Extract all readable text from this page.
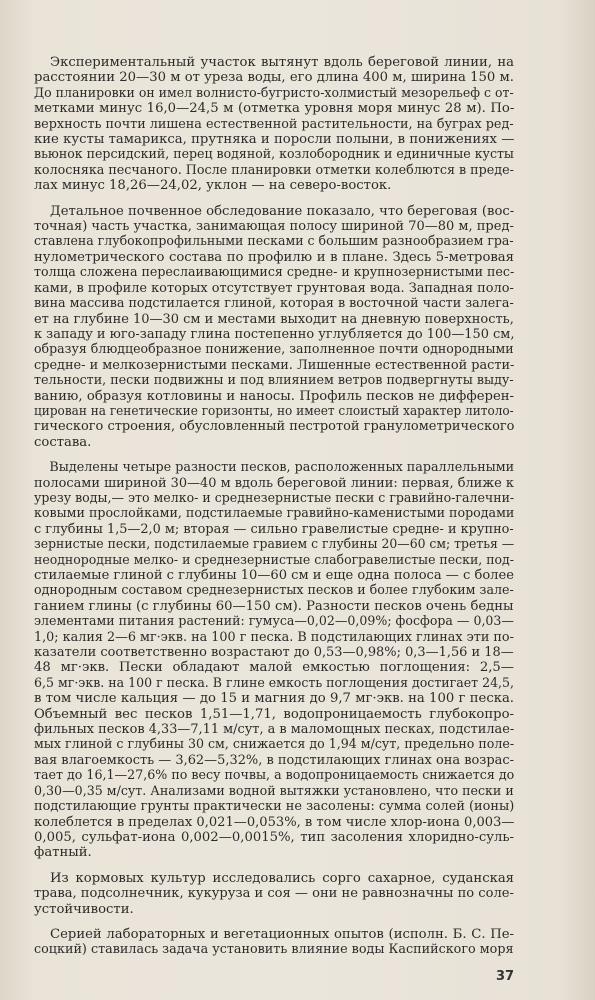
Экспериментальный участок вытянут вдоль береговой линии, на
расстоянии 20—30 м от уреза воды, его длина 400 м, ширина 150 м.
До планировки он имел волнисто-бугристо-холмистый мезорельеф с от-
метками минус 16,0—24,5 м (отметка уровня моря минус 28 м). По-
верхность почти лишена естественной растительности, на буграх ред-
кие кусты тамарикса, прутняка и поросли полыни, в понижениях —
вьюнок персидский, перец водяной, козлобородник и единичные кусты
колосняка песчаного. После планировки отметки колеблются в преде-
лах минус 18,26—24,02, уклон — на северо-восток.
Детальное почвенное обследование показало, что береговая (вос-
точная) часть участка, занимающая полосу шириной 70—80 м, пред-
ставлена глубокопрофильными песками с большим разнообразием гра-
нулометрического состава по профилю и в плане. Здесь 5-метровая
толща сложена переслаивающимися средне- и крупнозернистыми пес-
ками, в профиле которых отсутствует грунтовая вода. Западная поло-
вина массива подстилается глиной, которая в восточной части залега-
ет на глубине 10—30 см и местами выходит на дневную поверхность,
к западу и юго-западу глина постепенно углубляется до 100—150 см,
образуя блюдцеобразное понижение, заполненное почти однородными
средне- и мелкозернистыми песками. Лишенные естественной расти-
тельности, пески подвижны и под влиянием ветров подвергнуты выду-
ванию, образуя котловины и наносы. Профиль песков не дифферен-
цирован на генетические горизонты, но имеет слоистый характер литоло-
гического строения, обусловленный пестротой гранулометрического
состава.
Выделены четыре разности песков, расположенных параллельными
полосами шириной 30—40 м вдоль береговой линии: первая, ближе к
урезу воды,— это мелко- и среднезернистые пески с гравийно-галечни-
ковыми прослойками, подстилаемые гравийно-каменистыми породами
с глубины 1,5—2,0 м; вторая — сильно гравелистые средне- и крупно-
зернистые пески, подстилаемые гравием с глубины 20—60 см; третья —
неоднородные мелко- и среднезернистые слабогравелистые пески, под-
стилаемые глиной с глубины 10—60 см и еще одна полоса — с более
однородным составом среднезернистых песков и более глубоким зале-
ганием глины (с глубины 60—150 см). Разности песков очень бедны
элементами питания растений: гумуса—0,02—0,09%; фосфора — 0,03—
1,0; калия 2—6 мг·экв. на 100 г песка. В подстилающих глинах эти по-
казатели соответственно возрастают до 0,53—0,98%; 0,3—1,56 и 18—
48 мг·экв. Пески обладают малой емкостью поглощения: 2,5—
6,5 мг·экв. на 100 г песка. В глине емкость поглощения достигает 24,5,
в том числе кальция — до 15 и магния до 9,7 мг·экв. на 100 г песка.
Объемный вес песков 1,51—1,71, водопроницаемость глубокопро-
фильных песков 4,33—7,11 м/сут, а в маломощных песках, подстилае-
мых глиной с глубины 30 см, снижается до 1,94 м/сут, предельно поле-
вая влагоемкость — 3,62—5,32%, в подстилающих глинах она возрас-
тает до 16,1—27,6% по весу почвы, а водопроницаемость снижается до
0,30—0,35 м/сут. Анализами водной вытяжки установлено, что пески и
подстилающие грунты практически не засолены: сумма солей (ионы)
колеблется в пределах 0,021—0,053%, в том числе хлор-иона 0,003—
0,005, сульфат-иона 0,002—0,0015%, тип засоления хлоридно-суль-
фатный.
Из кормовых культур исследовались сорго сахарное, суданская
трава, подсолнечник, кукуруза и соя — они не равнозначны по соле-
устойчивости.
Серией лабораторных и вегетационных опытов (исполн. Б. С. Пе-
соцкий) ставилась задача установить влияние воды Каспийского моря
37
